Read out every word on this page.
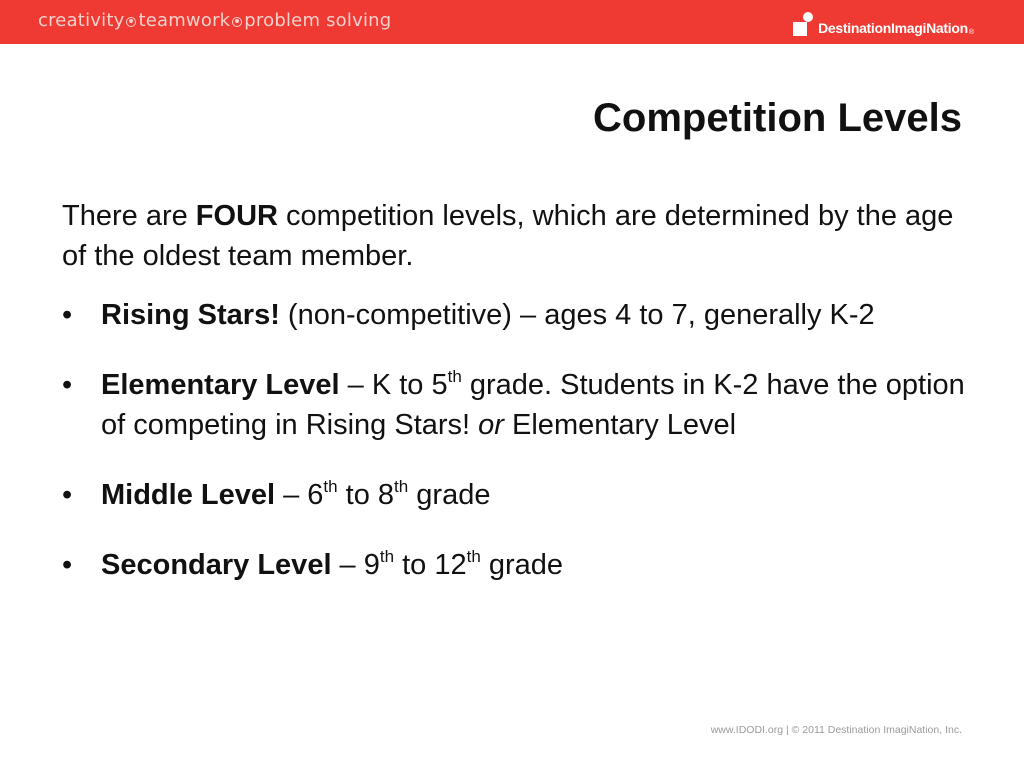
creativity teamwork problem solving	DestinationImagiNation ®
Competition Levels

There are FOUR competition levels, which are determined by the age of the oldest team member.

• Rising Stars! (non-competitive) – ages 4 to 7, generally K-2
• Elementary Level – K to 5th grade. Students in K-2 have the option of competing in Rising Stars! or Elementary Level
• Middle Level – 6th to 8th grade
• Secondary Level – 9th to 12th grade
www.IDODI.org | © 2011 Destination ImagiNation, Inc.
